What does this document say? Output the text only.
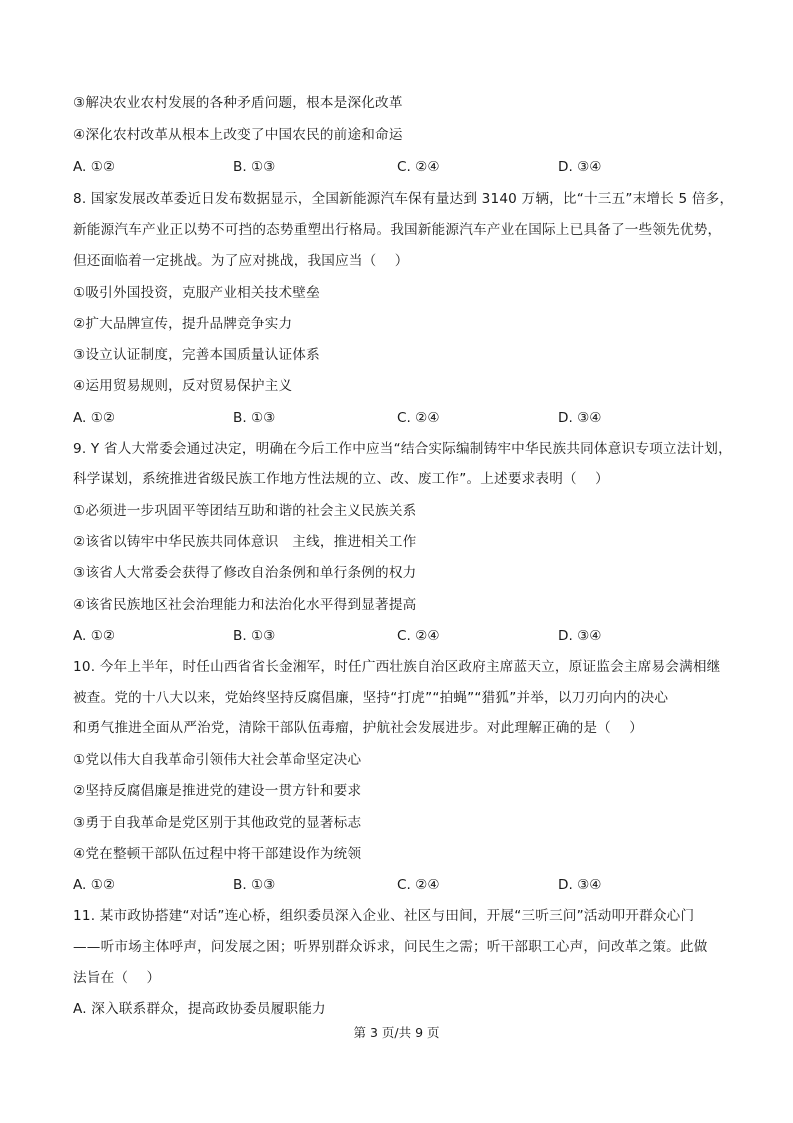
③解决农业农村发展的各种矛盾问题，根本是深化改革
④深化农村改革从根本上改变了中国农民的前途和命运
A. ①②	B. ①③	C. ②④	D. ③④
8. 国家发展改革委近日发布数据显示，全国新能源汽车保有量达到 3140 万辆，比“十三五”末增长 5 倍多，
新能源汽车产业正以势不可挡的态势重塑出行格局。我国新能源汽车产业在国际上已具备了一些领先优势，
但还面临着一定挑战。为了应对挑战，我国应当（　 ）
①吸引外国投资，克服产业相关技术壁垒
②扩大品牌宣传，提升品牌竞争实力
③设立认证制度，完善本国质量认证体系
④运用贸易规则，反对贸易保护主义
A. ①②	B. ①③	C. ②④	D. ③④
9. Y 省人大常委会通过决定，明确在今后工作中应当“结合实际编制铸牢中华民族共同体意识专项立法计划，
科学谋划，系统推进省级民族工作地方性法规的立、改、废工作”。上述要求表明（　 ）
①必须进一步巩固平等团结互助和谐的社会主义民族关系
②该省以铸牢中华民族共同体意识　主线，推进相关工作
③该省人大常委会获得了修改自治条例和单行条例的权力
④该省民族地区社会治理能力和法治化水平得到显著提高
A. ①②	B. ①③	C. ②④	D. ③④
10. 今年上半年，时任山西省省长金湘军，时任广西壮族自治区政府主席蓝天立，原证监会主席易会满相继
被查。党的十八大以来，党始终坚持反腐倡廉，坚持“打虎”“拍蝇”“猎狐”并举，以刀刃向内的决心
和勇气推进全面从严治党，清除干部队伍毒瘤，护航社会发展进步。对此理解正确的是（　 ）
①党以伟大自我革命引领伟大社会革命坚定决心
②坚持反腐倡廉是推进党的建设一贯方针和要求
③勇于自我革命是党区别于其他政党的显著标志
④党在整顿干部队伍过程中将干部建设作为统领
A. ①②	B. ①③	C. ②④	D. ③④
11. 某市政协搭建“对话”连心桥，组织委员深入企业、社区与田间，开展“三听三问”活动叩开群众心门
——听市场主体呼声，问发展之困；听界别群众诉求，问民生之需；听干部职工心声，问改革之策。此做
法旨在（　 ）
A. 深入联系群众，提高政协委员履职能力
第 3 页/共 9 页
